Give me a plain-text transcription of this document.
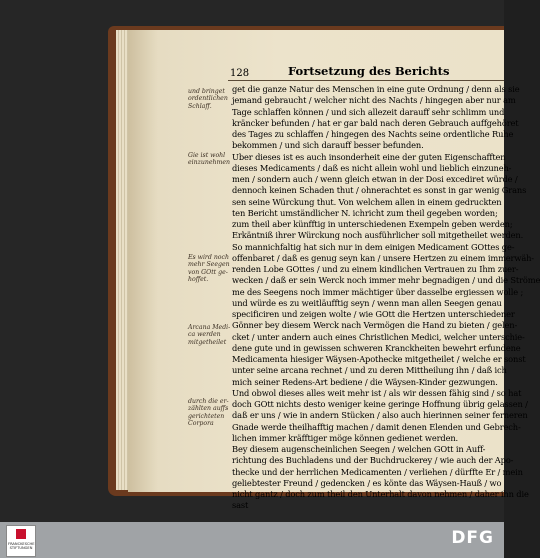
128	Fortsetzung des Berichts
und bringet
ordentlichen
Schlaff.
Gie ist wohl
einzunehmen
Es wird noch
mehr Seegen
von GOtt ge-
hoffet.
Arcana Medi-
ca werden
mitgetheilet
durch die er-
zählten auffs
gerichteten
Corpora
get die ganze Natur des Menschen in eine gute Ordnung / denn als sie
jemand gebraucht / welcher nicht des Nachts / hingegen aber nur am
Tage schlaffen können / und sich allezeit darauff sehr schlimm und
kräncker befunden / hat er gar bald nach deren Gebrauch auffgehöret
des Tages zu schlaffen / hingegen des Nachts seine ordentliche Ruhe
bekommen / und sich darauff besser befunden.
Uber dieses ist es auch insonderheit eine der guten Eigenschafften
dieses Medicaments / daß es nicht allein wohl und lieblich einzuneh-
men / sondern auch / wenn gleich etwan in der Dosi excediret würde /
dennoch keinen Schaden thut / ohnerachtet es sonst in gar wenig Grans
sen seine Würckung thut. Von welchem allen in einem gedruckten
ten Bericht umständlicher N. ichricht zum theil gegeben worden;
zum theil aber künfftig in unterschiedenen Exempeln geben werden;
Erkäntniß ihrer Würckung noch ausführlicher soll mitgetheilet werden.
So mannichfaltig hat sich nur in dem einigen Medicament GOttes ge-
offenbaret / daß es genug seyn kan / unsere Hertzen zu einem immerwäh-
renden Lobe GOttes / und zu einem kindlichen Vertrauen zu Ihm zuer-
wecken / daß er sein Werck noch immer mehr begnadigen / und die Ströme
me des Seegens noch immer mächtiger über dasselbe ergiessen wolle ;
und würde es zu weitläufftig seyn / wenn man allen Seegen genau
specificiren und zeigen wolte / wie GOtt die Hertzen unterschiedener
Gönner bey diesem Werck nach Vermögen die Hand zu bieten / gelen-
cket / unter andern auch eines Christlichen Medici, welcher unterschie-
dene gute und in gewissen schweren Kranckheiten bewehrt erfundene
Medicamenta hiesiger Wäysen-Apothecke mitgetheilet / welche er sonst
unter seine arcana rechnet / und zu deren Mittheilung ihn / daß ich
mich seiner Redens-Art bediene / die Wäysen-Kinder gezwungen.
Und obwol dieses alles weit mehr ist / als wir dessen fähig sind / so hat
doch GOtt nichts desto weniger keine geringe Hoffnung übrig gelassen /
daß er uns / wie in andern Stücken / also auch hierinnen seiner ferneren
Gnade werde theilhafftig machen / damit denen Elenden und Gebrech-
lichen immer kräfftiger möge können gedienet werden.
Bey diesem augenscheinlichen Seegen / welchen GOtt in Auff-
richtung des Buchladens und der Buchdruckerey / wie auch der Apo-
thecke und der herrlichen Medicamenten / verliehen / dürffte Er / mein
geliebtester Freund / gedencken / es könte das Wäysen-Hauß / wo
nicht gantz / doch zum theil den Unterhalt davon nehmen / daher ihn die
sast
FRANCKESCHE STIFTUNGEN	DFG
